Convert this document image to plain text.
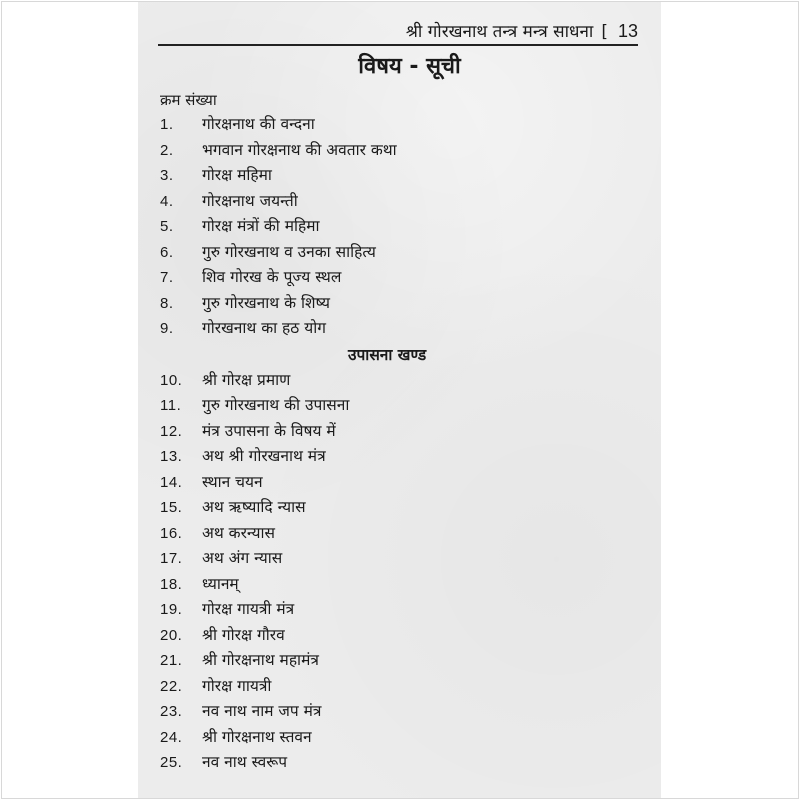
श्री गोरखनाथ तन्त्र मन्त्र साधना [ 13
विषय - सूची
क्रम संख्या
1.	गोरक्षनाथ की वन्दना
2.	भगवान गोरक्षनाथ की अवतार कथा
3.	गोरक्ष महिमा
4.	गोरक्षनाथ जयन्ती
5.	गोरक्ष मंत्रों की महिमा
6.	गुरु गोरखनाथ व उनका साहित्य
7.	शिव गोरख के पूज्य स्थल
8.	गुरु गोरखनाथ के शिष्य
9.	गोरखनाथ का हठ योग
उपासना खण्ड
10.	श्री गोरक्ष प्रमाण
11.	गुरु गोरखनाथ की उपासना
12.	मंत्र उपासना के विषय में
13.	अथ श्री गोरखनाथ मंत्र
14.	स्थान चयन
15.	अथ ऋष्यादि न्यास
16.	अथ करन्यास
17.	अथ अंग न्यास
18.	ध्यानम्
19.	गोरक्ष गायत्री मंत्र
20.	श्री गोरक्ष गौरव
21.	श्री गोरक्षनाथ महामंत्र
22.	गोरक्ष गायत्री
23.	नव नाथ नाम जप मंत्र
24.	श्री गोरक्षनाथ स्तवन
25.	नव नाथ स्वरूप
